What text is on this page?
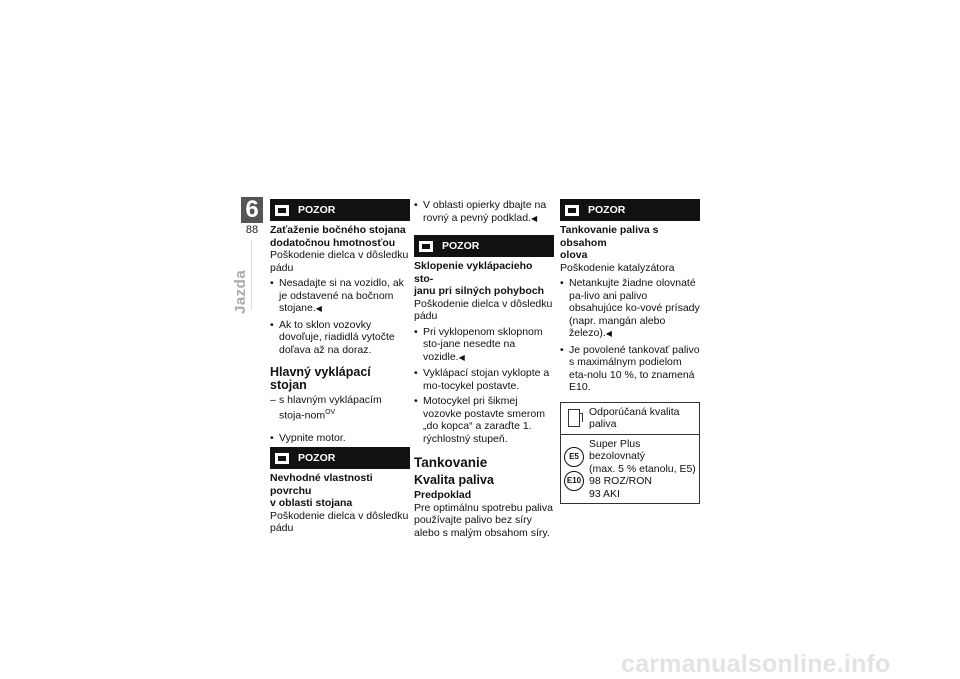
6
88
Jazda
POZOR
Zaťaženie bočného stojana
dodatočnou hmotnosťou
Poškodenie dielca v dôsledku pádu
• Nesadajte si na vozidlo, ak je odstavené na bočnom stojane.◀
• Ak to sklon vozovky dovoľuje, riadidlá vytočte doľava až na doraz.
Hlavný vyklápací stojan
– s hlavným vyklápacím stoja-nom$^{OV}$
• Vypnite motor.
POZOR
Nevhodné vlastnosti povrchu
v oblasti stojana
Poškodenie dielca v dôsledku pádu
• V oblasti opierky dbajte na rovný a pevný podklad.◀
POZOR
Sklopenie vyklápacieho sto-
janu pri silných pohyboch
Poškodenie dielca v dôsledku pádu
• Pri vyklopenom sklopnom sto-jane nesedte na vozidle.◀
• Vyklápací stojan vyklopte a mo-tocykel postavte.
• Motocykel pri šikmej vozovke postavte smerom „do kopca“ a zaraďte 1. rýchlostný stupeň.
Tankovanie
Kvalita paliva
Predpoklad
Pre optimálnu spotrebu paliva používajte palivo bez síry alebo s malým obsahom síry.
POZOR
Tankovanie paliva s obsahom
olova
Poškodenie katalyzátora
• Netankujte žiadne olovnaté pa-livo ani palivo obsahujúce ko-vové prísady (napr. mangán alebo železo).◀
• Je povolené tankovať palivo s maximálnym podielom eta-nolu 10 %, to znamená E10.
Odporúčaná kvalita paliva
E5
E10
Super Plus bezolovnatý
(max. 5 % etanolu, E5)
98 ROZ/RON
93 AKI
carmanualsonline.info
